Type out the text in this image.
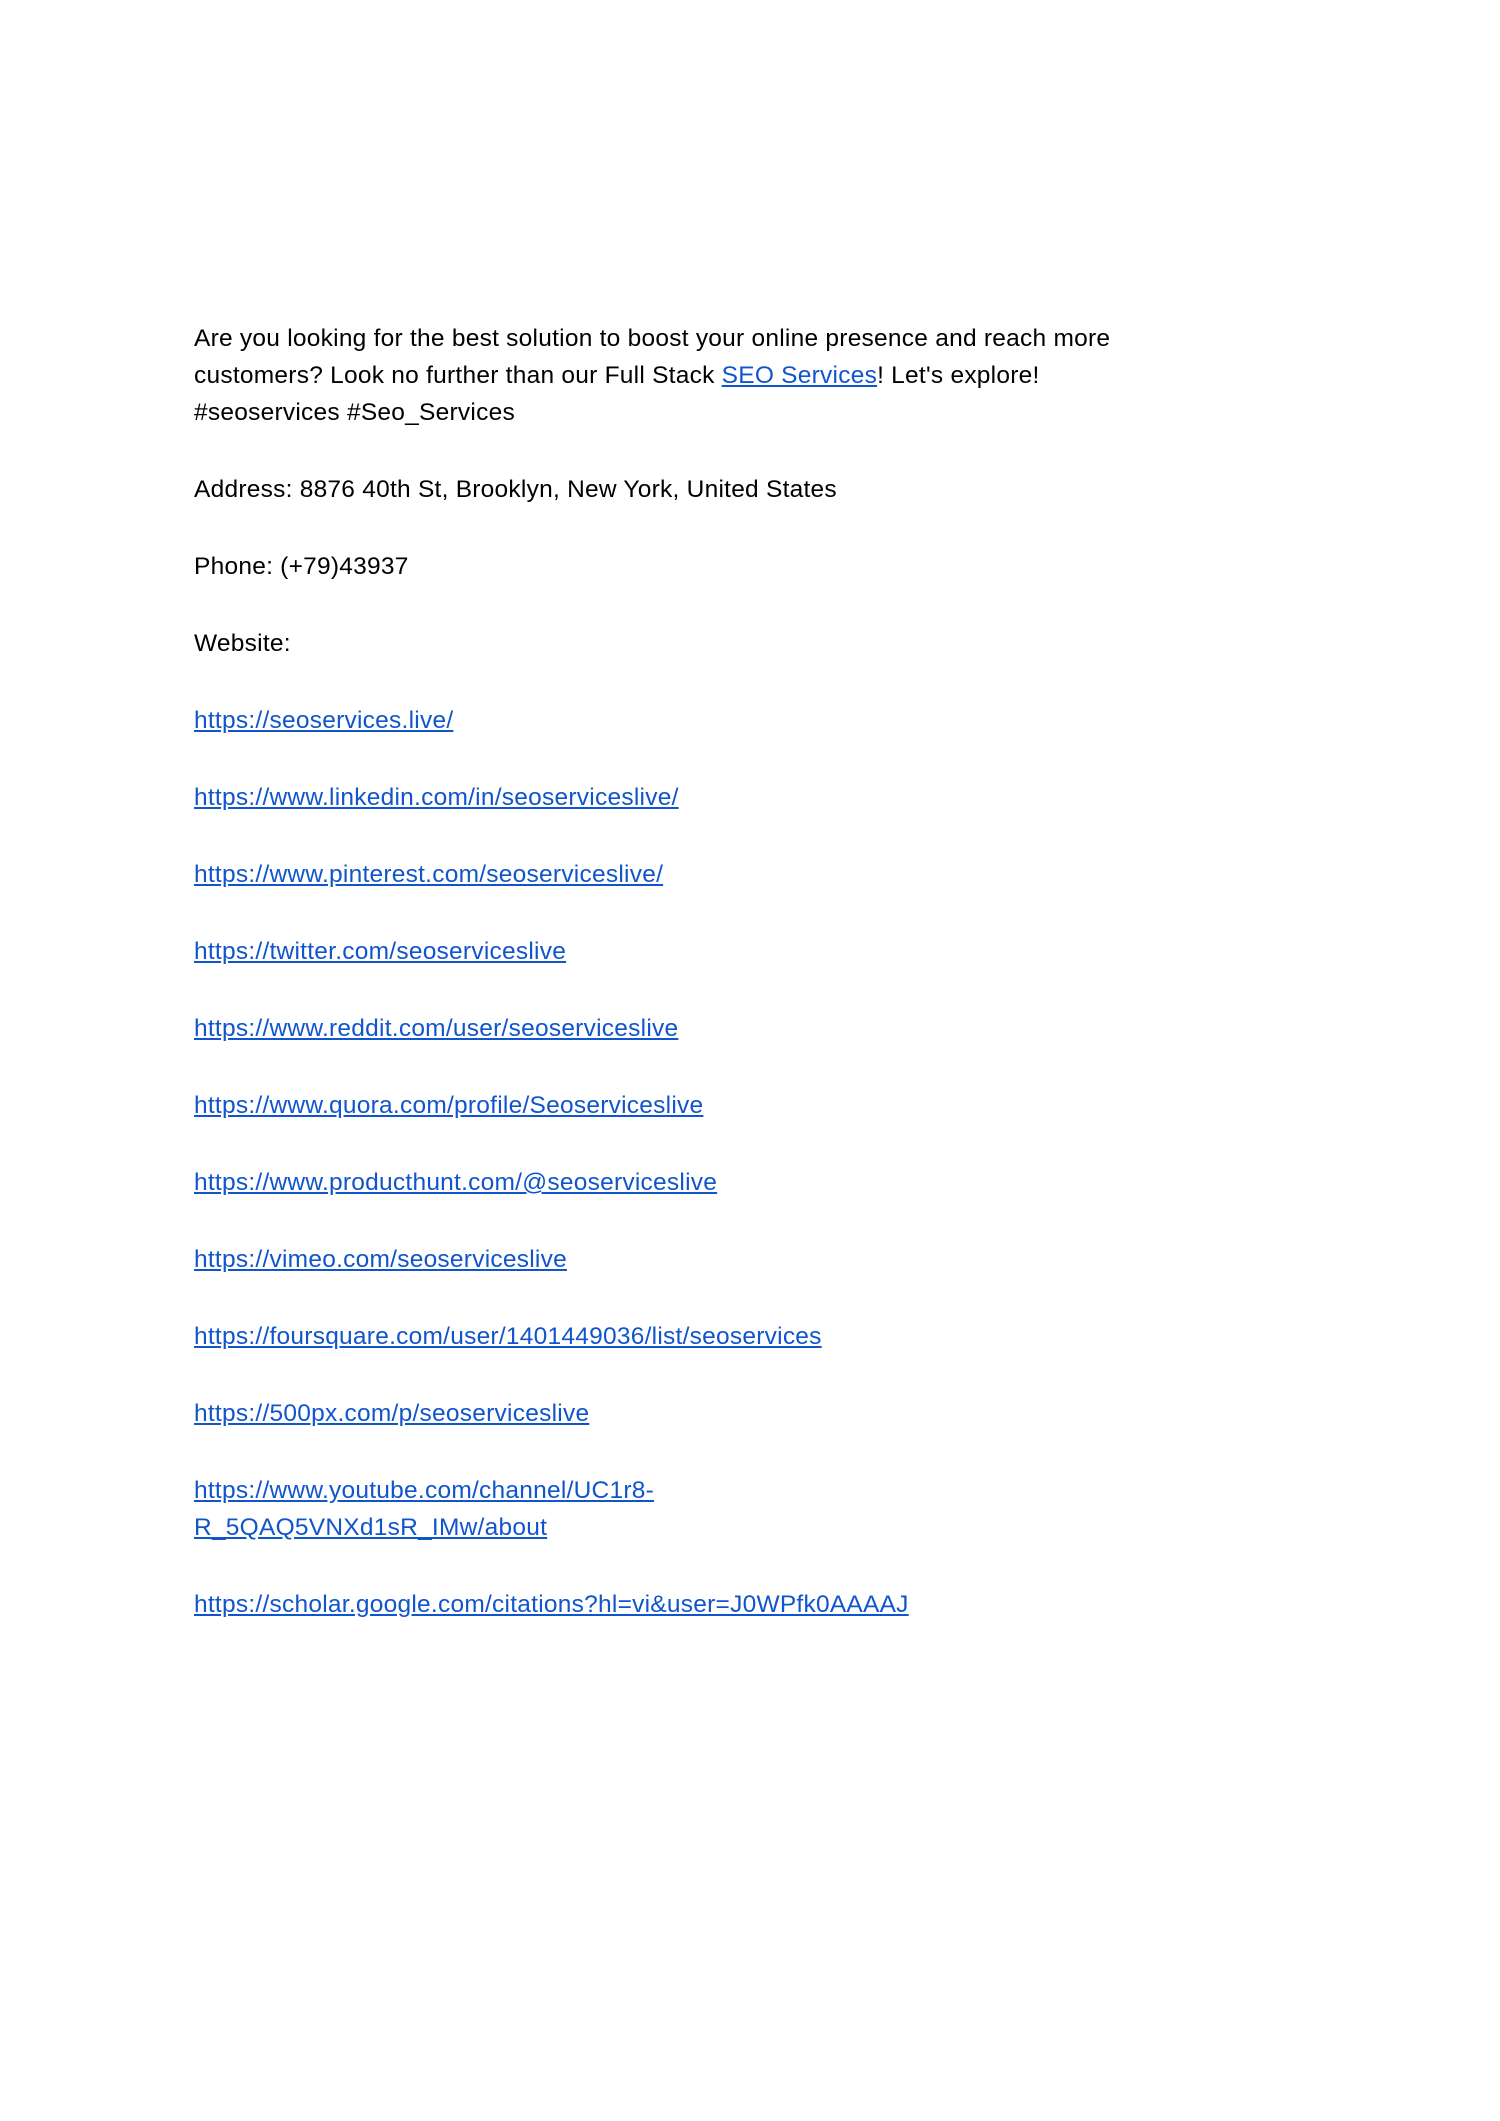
Are you looking for the best solution to boost your online presence and reach more customers? Look no further than our Full Stack SEO Services! Let's explore! #seoservices #Seo_Services

Address: 8876 40th St, Brooklyn, New York, United States

Phone: (+79)43937

Website:

https://seoservices.live/

https://www.linkedin.com/in/seoserviceslive/

https://www.pinterest.com/seoserviceslive/

https://twitter.com/seoserviceslive

https://www.reddit.com/user/seoserviceslive

https://www.quora.com/profile/Seoserviceslive

https://www.producthunt.com/@seoserviceslive

https://vimeo.com/seoserviceslive

https://foursquare.com/user/1401449036/list/seoservices

https://500px.com/p/seoserviceslive

https://www.youtube.com/channel/UC1r8-R_5QAQ5VNXd1sR_IMw/about

https://scholar.google.com/citations?hl=vi&user=J0WPfk0AAAAJ
